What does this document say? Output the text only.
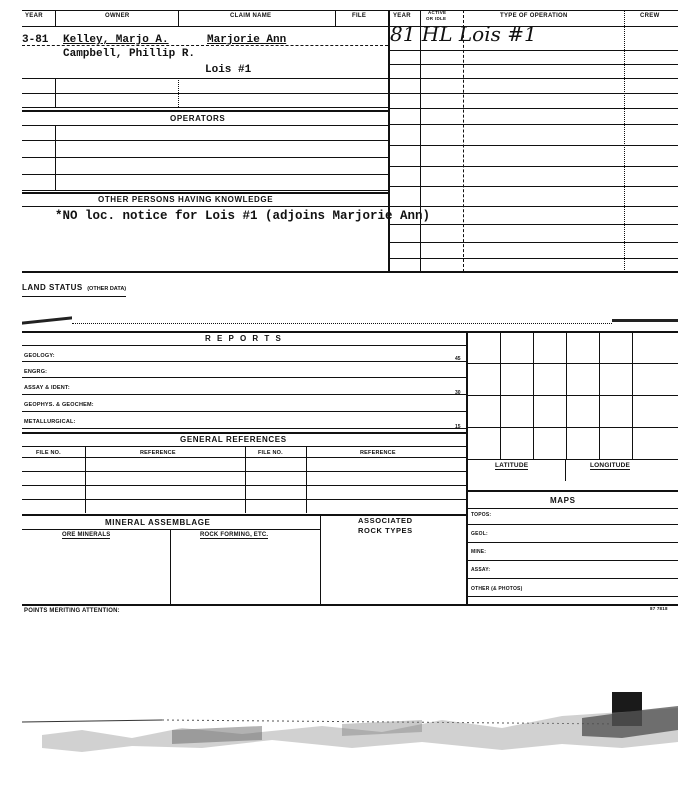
YEAR	OWNER	CLAIM NAME	FILE	YEAR
ACTIVE
OR IDLE	TYPE OF OPERATION	CREW
3-81 Kelley, Marjo A.	Marjorie Ann
Campbell, Phillip R.
Lois #1
81 HL Lois #1
OPERATORS
OTHER PERSONS HAVING KNOWLEDGE
*NO loc. notice for Lois #1 (adjoins Marjorie Ann)
LAND STATUS (OTHER DATA)
R E P O R T S
GEOLOGY:
ENGRG:
ASSAY & IDENT:
GEOPHYS. & GEOCHEM:
METALLURGICAL:
45
30
15
LATITUDE	LONGITUDE
GENERAL REFERENCES
FILE NO.	REFERENCE	FILE NO.	REFERENCE
MAPS
TOPOS:
GEOL:
MINE:
ASSAY:
OTHER (& PHOTOS)
MINERAL ASSEMBLAGE	ASSOCIATED
ROCK TYPES
ORE MINERALS	ROCK FORMING, ETC.
POINTS MERITING ATTENTION:	87 7818
